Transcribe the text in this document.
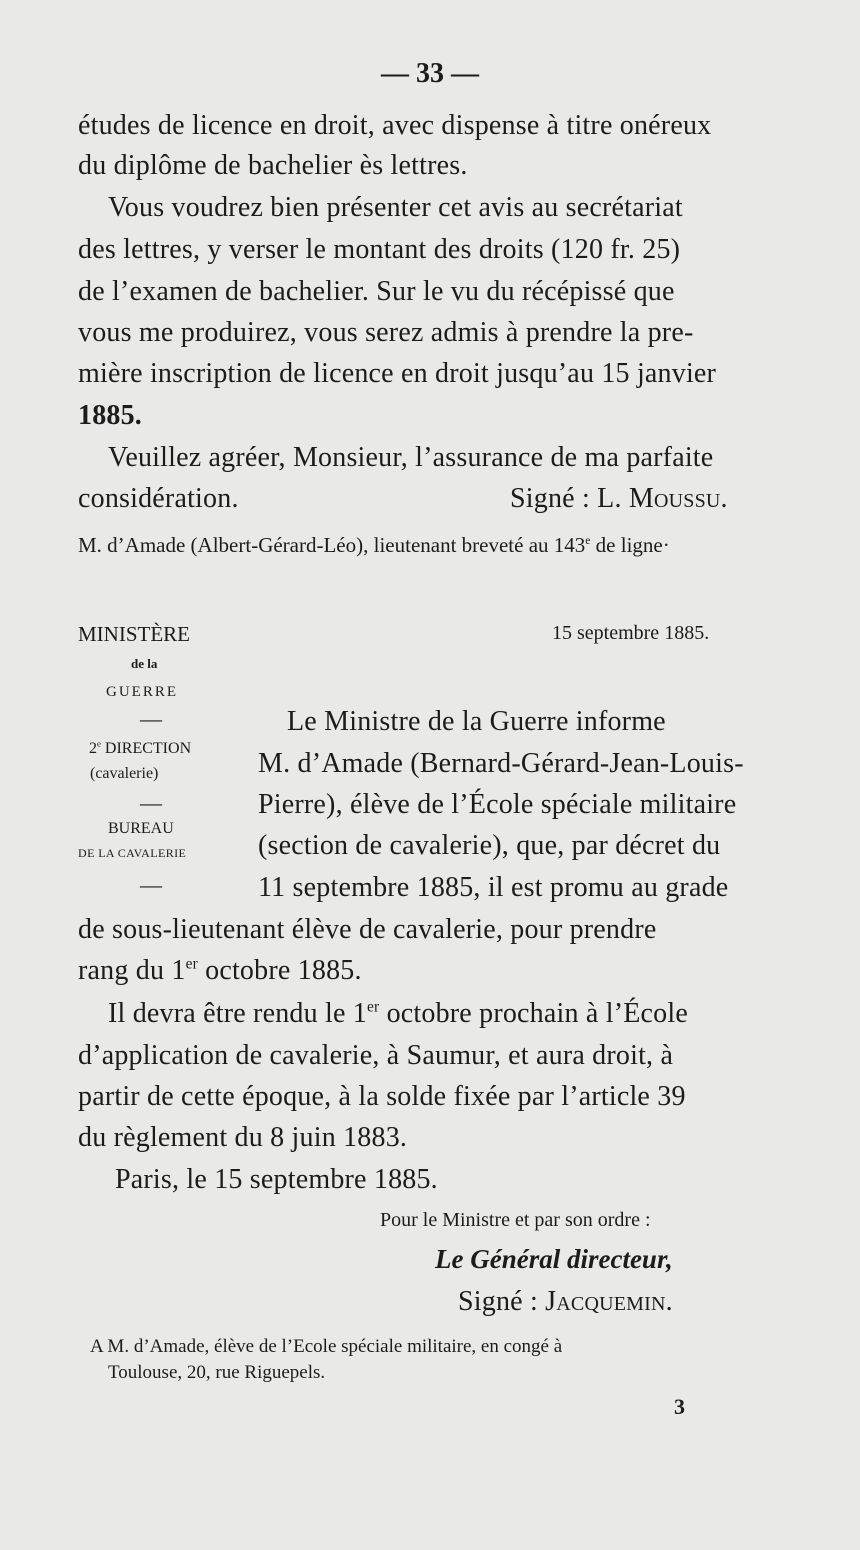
— 33 —
études de licence en droit, avec dispense à titre onéreux
du diplôme de bachelier ès lettres.
Vous voudrez bien présenter cet avis au secrétariat
des lettres, y verser le montant des droits (120 fr. 25)
de l’examen de bachelier. Sur le vu du récépissé que
vous me produirez, vous serez admis à prendre la pre-
mière inscription de licence en droit jusqu’au 15 janvier
1885.
Veuillez agréer, Monsieur, l’assurance de ma parfaite
considération.	Signé : L. Moussu.
M. d’Amade (Albert-Gérard-Léo), lieutenant breveté au 143e de ligne·
MINISTÈRE
de la
GUERRE
—
2e DIRECTION
(cavalerie)
—
BUREAU
DE LA CAVALERIE
—
15 septembre 1885.
Le Ministre de la Guerre informe
M. d’Amade (Bernard-Gérard-Jean-Louis-
Pierre), élève de l’École spéciale militaire
(section de cavalerie), que, par décret du
11 septembre 1885, il est promu au grade
de sous-lieutenant élève de cavalerie, pour prendre
rang du 1er octobre 1885.
Il devra être rendu le 1er octobre prochain à l’École
d’application de cavalerie, à Saumur, et aura droit, à
partir de cette époque, à la solde fixée par l’article 39
du règlement du 8 juin 1883.
Paris, le 15 septembre 1885.
Pour le Ministre et par son ordre :
Le Général directeur,
Signé : Jacquemin.
A M. d’Amade, élève de l’Ecole spéciale militaire, en congé à
Toulouse, 20, rue Riguepels.
3
